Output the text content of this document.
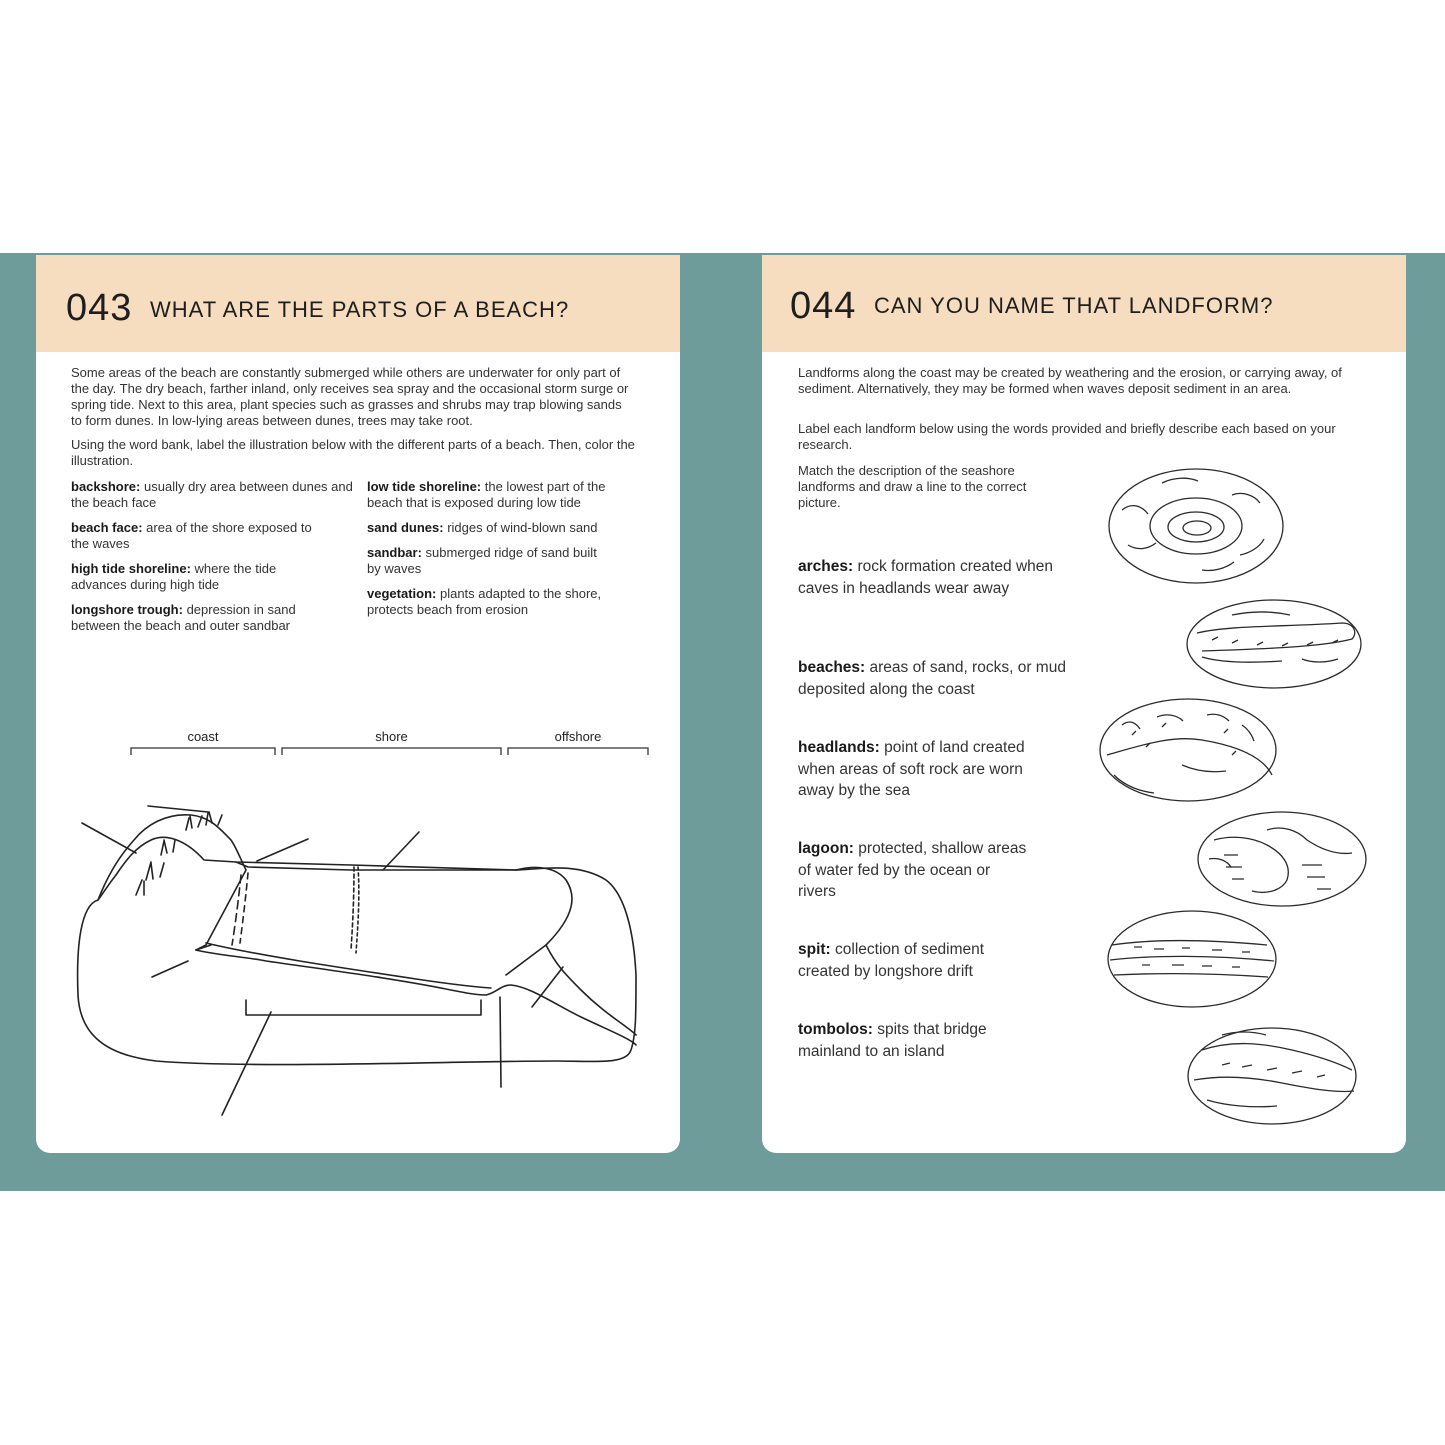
043 WHAT ARE THE PARTS OF A BEACH?
Some areas of the beach are constantly submerged while others are underwater for only part of the day. The dry beach, farther inland, only receives sea spray and the occasional storm surge or spring tide. Next to this area, plant species such as grasses and shrubs may trap blowing sands to form dunes. In low-lying areas between dunes, trees may take root.
Using the word bank, label the illustration below with the different parts of a beach. Then, color the illustration.
backshore: usually dry area between dunes and the beach face
beach face: area of the shore exposed to the waves
high tide shoreline: where the tide advances during high tide
longshore trough: depression in sand between the beach and outer sandbar
low tide shoreline: the lowest part of the beach that is exposed during low tide
sand dunes: ridges of wind-blown sand
sandbar: submerged ridge of sand built by waves
vegetation: plants adapted to the shore, protects beach from erosion
coast	shore	offshore
044 CAN YOU NAME THAT LANDFORM?
Landforms along the coast may be created by weathering and the erosion, or carrying away, of sediment. Alternatively, they may be formed when waves deposit sediment in an area.
Label each landform below using the words provided and briefly describe each based on your research.
Match the description of the seashore landforms and draw a line to the correct picture.
arches: rock formation created when caves in headlands wear away
beaches: areas of sand, rocks, or mud deposited along the coast
headlands: point of land created when areas of soft rock are worn away by the sea
lagoon: protected, shallow areas of water fed by the ocean or rivers
spit: collection of sediment created by longshore drift
tombolos: spits that bridge mainland to an island
